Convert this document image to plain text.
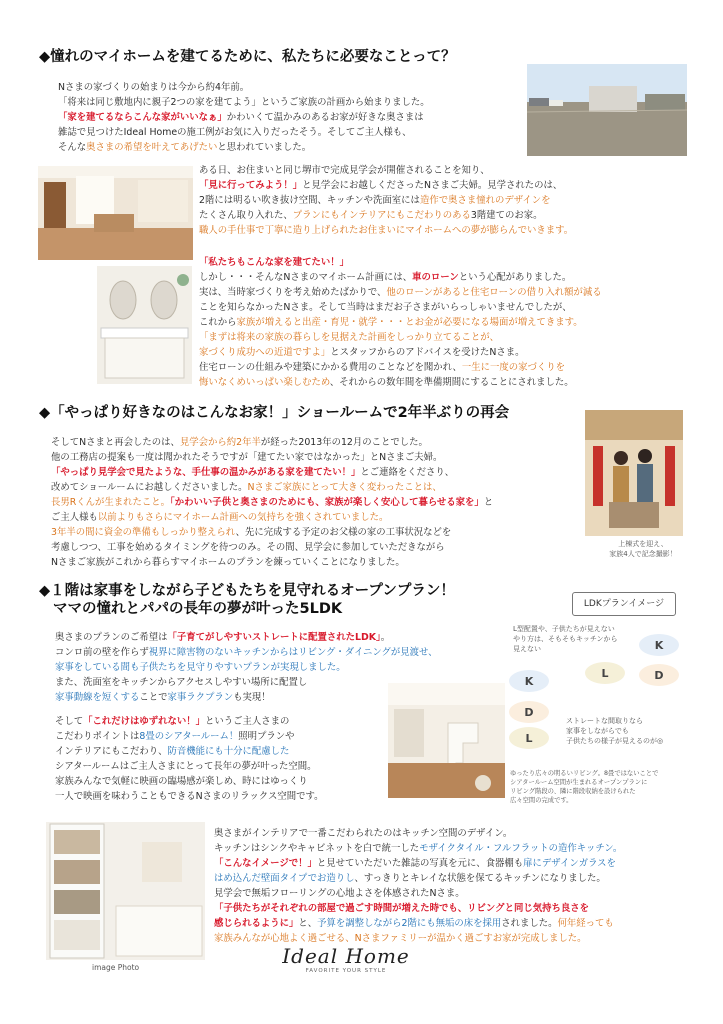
◆憧れのマイホームを建てるために、私たちに必要なことって？
Nさまの家づくりの始まりは今から約4年前。
「将来は同じ敷地内に親子2つの家を建てよう」というご家族の計画から始まりました。
「家を建てるならこんな家がいいなぁ」かわいくて温かみのあるお家が好きな奥さまは
雑誌で見つけたIdeal Homeの施工例がお気に入りだったそう。そしてご主人様も、
そんな奥さまの希望を叶えてあげたいと思われていました。
ある日、お住まいと同じ堺市で完成見学会が開催されることを知り、
「見に行ってみよう！」と見学会にお越しくださったNさまご夫婦。見学されたのは、
2階には明るい吹き抜け空間、キッチンや洗面室には造作で奥さま憧れのデザインを
たくさん取り入れた、プランにもインテリアにもこだわりのある3階建てのお家。
職人の手仕事で丁寧に造り上げられたお住まいにマイホームへの夢が膨らんでいきます。
「私たちもこんな家を建てたい！」
しかし・・・そんなNさまのマイホーム計画には、車のローンという心配がありました。
実は、当時家づくりを考え始めたばかりで、他のローンがあると住宅ローンの借り入れ額が減る
ことを知らなかったNさま。そして当時はまだお子さまがいらっしゃいませんでしたが、
これから家族が増えると出産・育児・就学・・・とお金が必要になる場面が増えてきます。
「まずは将来の家族の暮らしを見据えた計画をしっかり立てることが、
家づくり成功への近道ですよ」とスタッフからのアドバイスを受けたNさま。
住宅ローンの仕組みや建築にかかる費用のことなどを聞かれ、一生に一度の家づくりを
悔いなくめいっぱい楽しむため、それからの数年間を準備期間にすることにされました。
◆「やっぱり好きなのはこんなお家！」ショールームで2年半ぶりの再会
そしてNさまと再会したのは、見学会から約2年半が経った2013年の12月のことでした。
他の工務店の提案も一度は聞かれたそうですが「建てたい家ではなかった」とNさまご夫婦。
「やっぱり見学会で見たような、手仕事の温かみがある家を建てたい！」とご連絡をくださり、
改めてショールームにお越しくださいました。Nさまご家族にとって大きく変わったことは、
長男Rくんが生まれたこと。「かわいい子供と奥さまのためにも、家族が楽しく安心して暮らせる家を」と
ご主人様も以前よりもさらにマイホーム計画への気持ちを強くされていました。
3年半の間に資金の準備もしっかり整えられ、先に完成する予定のお父様の家の工事状況などを
考慮しつつ、工事を始めるタイミングを待つのみ。その間、見学会に参加していただきながら
Nさまご家族がこれから暮らすマイホームのプランを練っていくことになりました。
上棟式を迎え、
家族4人で記念撮影！
◆１階は家事をしながら子どもたちを見守れるオープンプラン！
ママの憧れとパパの長年の夢が叶った5LDK
奥さまのプランのご希望は「子育てがしやすいストレートに配置されたLDK」。
コンロ前の壁を作らず視界に障害物のないキッチンからはリビング・ダイニングが見渡せ、
家事をしている間も子供たちを見守りやすいプランが実現しました。
また、洗面室をキッチンからアクセスしやすい場所に配置し
家事動線を短くすることで家事ラクプランも実現！
そして「これだけはゆずれない！」というご主人さまの
こだわりポイントは8畳のシアタールーム！照明プランや
インテリアにもこだわり、防音機能にも十分に配慮した
シアタールームはご主人さまにとって長年の夢が叶った空間。
家族みんなで気軽に映画の臨場感が楽しめ、時にはゆっくり
一人で映画を味わうこともできるNさまのリラックス空間です。
LDKプランイメージ
L型配置や、子供たちが見えない
やり方は、そもそもキッチンから
見えない	K
L	D
K
D
L
ストレートな間取りなら
家事をしながらでも
子供たちの様子が見えるのが◎
ゆったり広々の明るいリビング。8畳ではないことで
シアタールーム空間が生まれるオープンプランに
リビング階段の、隣に階段収納を設けられた
広々空間の完成です。
image Photo
奥さまがインテリアで一番こだわられたのはキッチン空間のデザイン。
キッチンはシンクやキャビネットを白で統一したモザイクタイル・フルフラットの造作キッチン。
「こんなイメージで！」と見せていただいた雑誌の写真を元に、食器棚も扉にデザインガラスを
はめ込んだ壁面タイプでお造りし、すっきりとキレイな状態を保てるキッチンになりました。
見学会で無垢フローリングの心地よさを体感されたNさま。
「子供たちがそれぞれの部屋で過ごす時間が増えた時でも、リビングと同じ気持ち良さを
感じられるように」と、予算を調整しながら2階にも無垢の床を採用されました。何年経っても
家族みんなが心地よく過ごせる、Nさまファミリーが温かく過ごすお家が完成しました。
Ideal Home
FAVORITE YOUR STYLE
